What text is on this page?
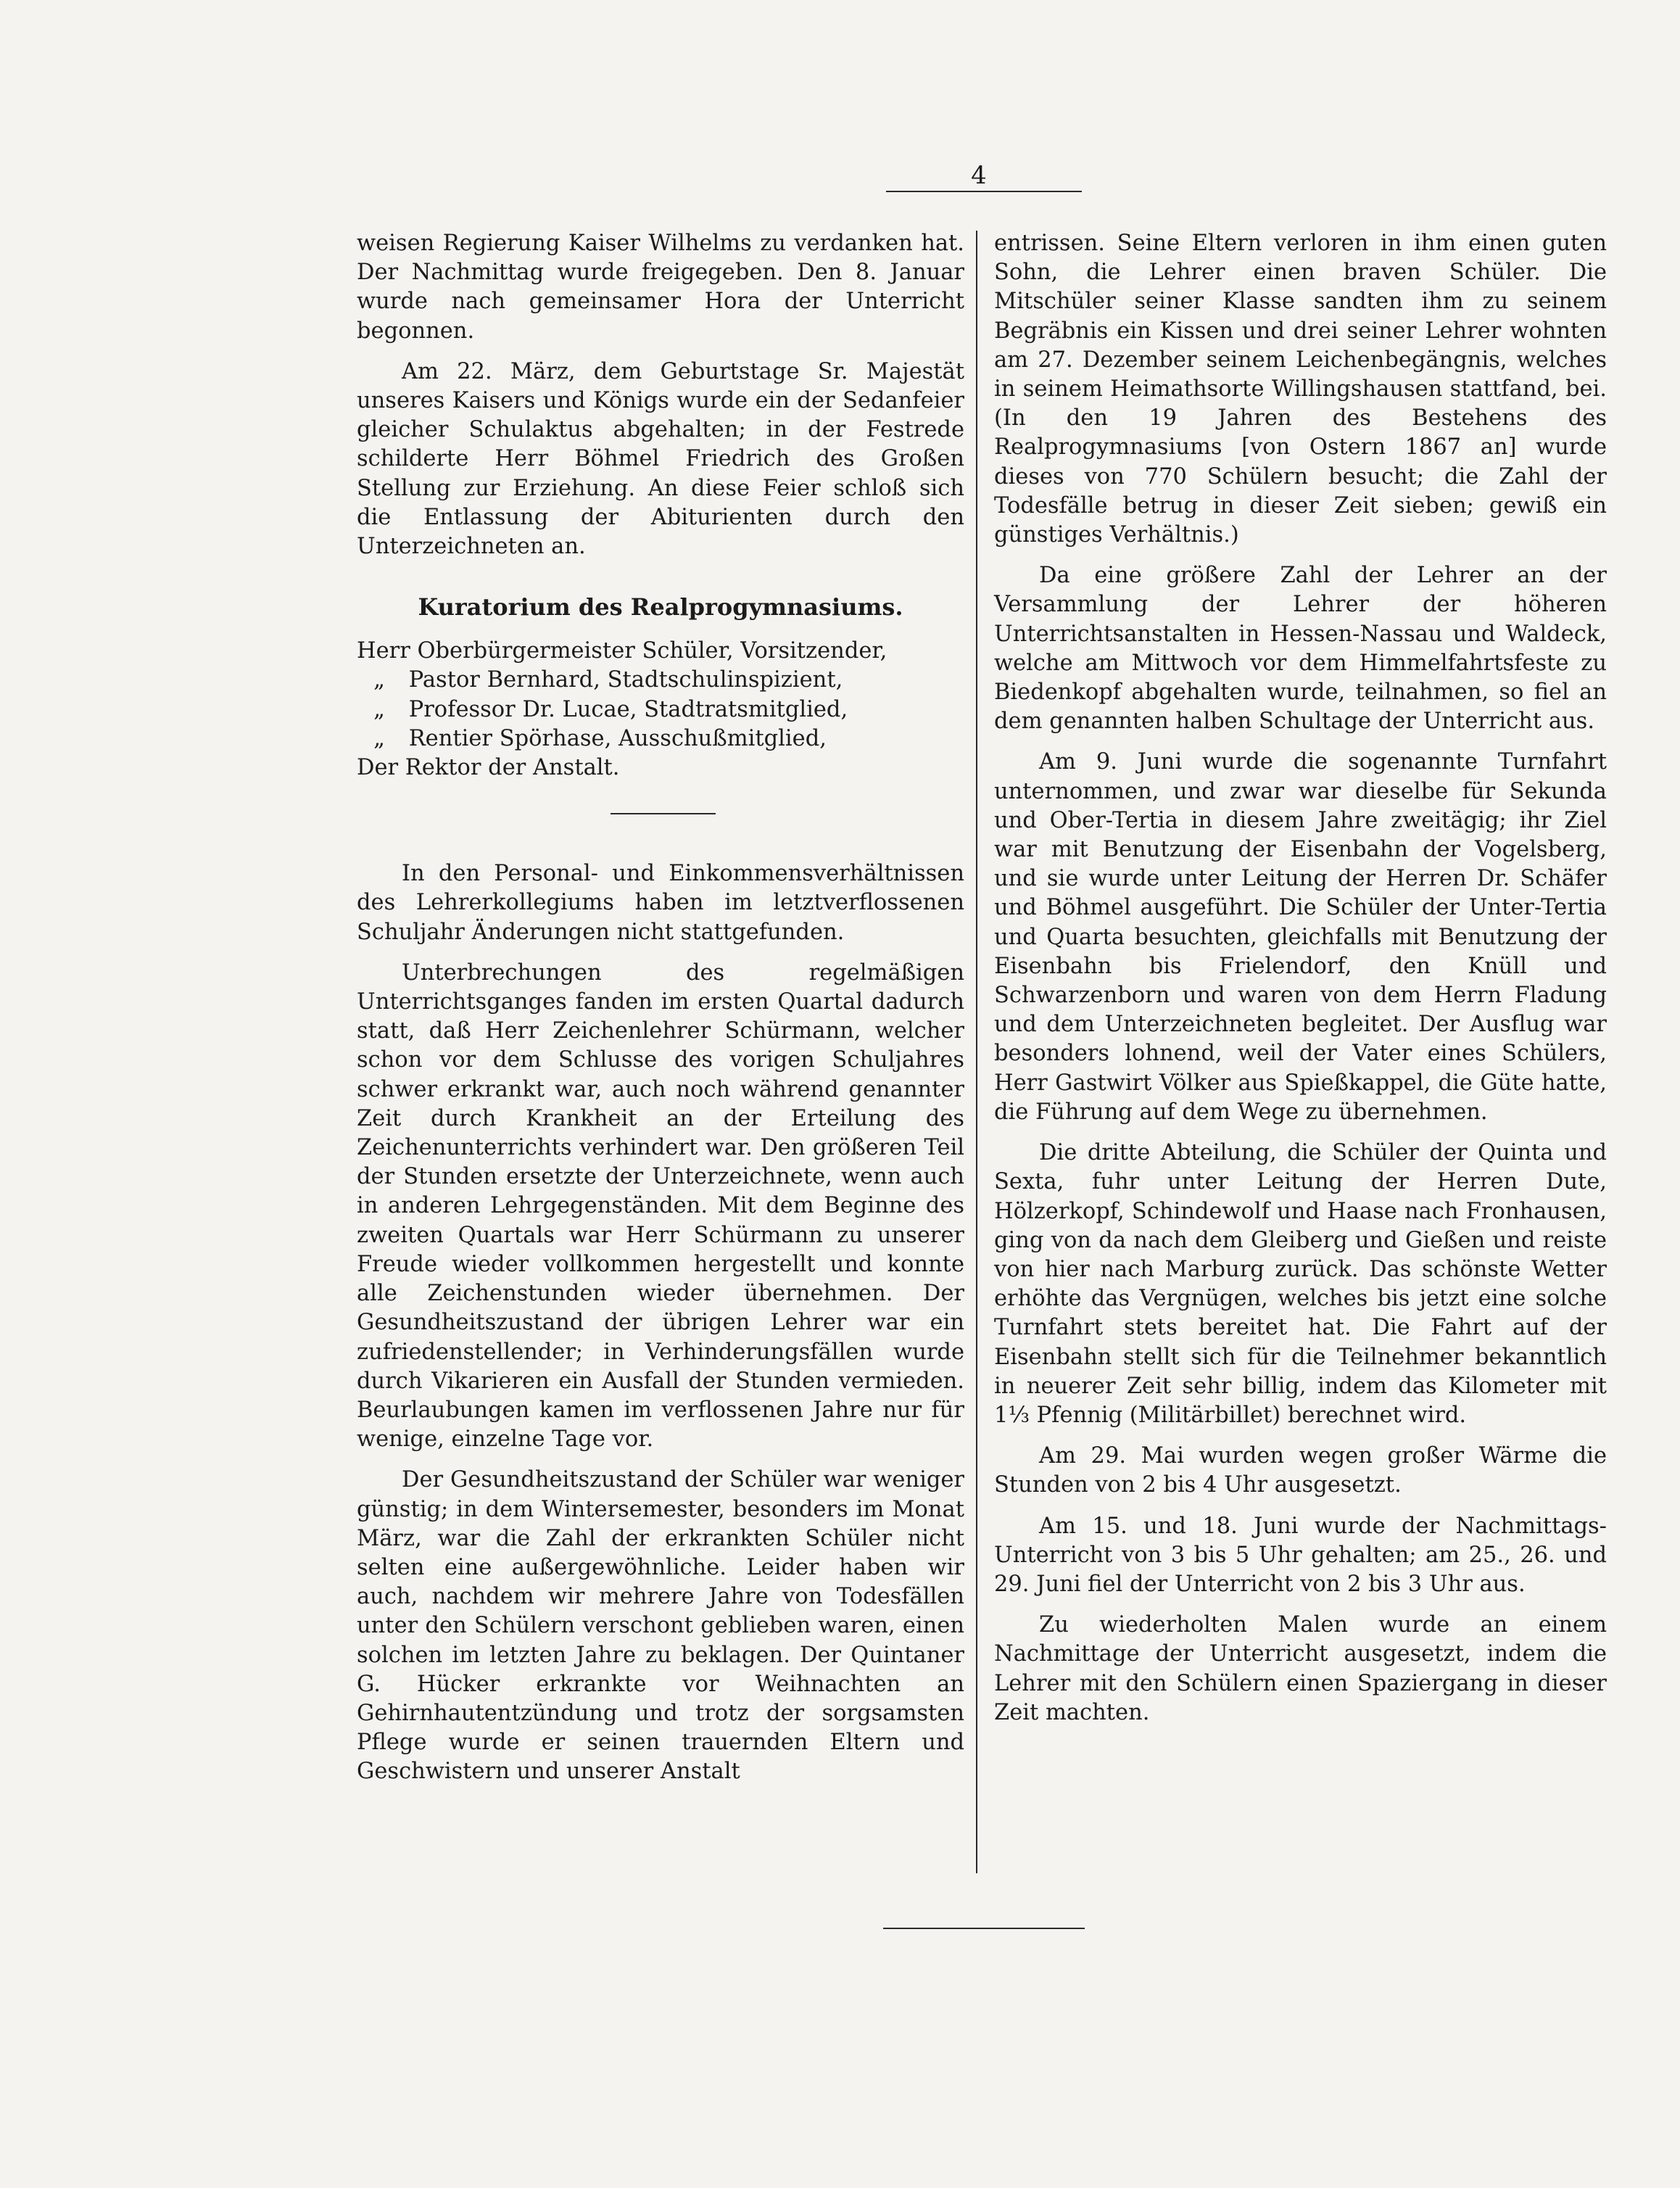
4

weisen Regierung Kaiser Wilhelms zu verdanken hat. Der Nachmittag wurde freigegeben. Den 8. Januar wurde nach gemeinsamer Hora der Unterricht begonnen.

Am 22. März, dem Geburtstage Sr. Majestät unseres Kaisers und Königs wurde ein der Sedanfeier gleicher Schulaktus abgehalten; in der Festrede schilderte Herr Böhmel Friedrich des Großen Stellung zur Erziehung. An diese Feier schloß sich die Entlassung der Abiturienten durch den Unterzeichneten an.

Kuratorium des Realprogymnasiums.
Herr Oberbürgermeister Schüler, Vorsitzender,
„ Pastor Bernhard, Stadtschulinspizient,
„ Professor Dr. Lucae, Stadtratsmitglied,
„ Rentier Spörhase, Ausschußmitglied,
Der Rektor der Anstalt.

In den Personal- und Einkommensverhältnissen des Lehrerkollegiums haben im letztverflossenen Schuljahr Änderungen nicht stattgefunden.

Unterbrechungen des regelmäßigen Unterrichtsganges fanden im ersten Quartal dadurch statt, daß Herr Zeichenlehrer Schürmann, welcher schon vor dem Schlusse des vorigen Schuljahres schwer erkrankt war, auch noch während genannter Zeit durch Krankheit an der Erteilung des Zeichenunterrichts verhindert war. Den größeren Teil der Stunden ersetzte der Unterzeichnete, wenn auch in anderen Lehrgegenständen. Mit dem Beginne des zweiten Quartals war Herr Schürmann zu unserer Freude wieder vollkommen hergestellt und konnte alle Zeichenstunden wieder übernehmen. Der Gesundheitszustand der übrigen Lehrer war ein zufriedenstellender; in Verhinderungsfällen wurde durch Vikarieren ein Ausfall der Stunden vermieden. Beurlaubungen kamen im verflossenen Jahre nur für wenige, einzelne Tage vor.

Der Gesundheitszustand der Schüler war weniger günstig; in dem Wintersemester, besonders im Monat März, war die Zahl der erkrankten Schüler nicht selten eine außergewöhnliche. Leider haben wir auch, nachdem wir mehrere Jahre von Todesfällen unter den Schülern verschont geblieben waren, einen solchen im letzten Jahre zu beklagen. Der Quintaner G. Hücker erkrankte vor Weihnachten an Gehirnhautentzündung und trotz der sorgsamsten Pflege wurde er seinen trauernden Eltern und Geschwistern und unserer Anstalt

entrissen. Seine Eltern verloren in ihm einen guten Sohn, die Lehrer einen braven Schüler. Die Mitschüler seiner Klasse sandten ihm zu seinem Begräbnis ein Kissen und drei seiner Lehrer wohnten am 27. Dezember seinem Leichenbegängnis, welches in seinem Heimathsorte Willingshausen stattfand, bei. (In den 19 Jahren des Bestehens des Realprogymnasiums [von Ostern 1867 an] wurde dieses von 770 Schülern besucht; die Zahl der Todesfälle betrug in dieser Zeit sieben; gewiß ein günstiges Verhältnis.)

Da eine größere Zahl der Lehrer an der Versammlung der Lehrer der höheren Unterrichtsanstalten in Hessen-Nassau und Waldeck, welche am Mittwoch vor dem Himmelfahrtsfeste zu Biedenkopf abgehalten wurde, teilnahmen, so fiel an dem genannten halben Schultage der Unterricht aus.

Am 9. Juni wurde die sogenannte Turnfahrt unternommen, und zwar war dieselbe für Sekunda und Ober-Tertia in diesem Jahre zweitägig; ihr Ziel war mit Benutzung der Eisenbahn der Vogelsberg, und sie wurde unter Leitung der Herren Dr. Schäfer und Böhmel ausgeführt. Die Schüler der Unter-Tertia und Quarta besuchten, gleichfalls mit Benutzung der Eisenbahn bis Frielendorf, den Knüll und Schwarzenborn und waren von dem Herrn Fladung und dem Unterzeichneten begleitet. Der Ausflug war besonders lohnend, weil der Vater eines Schülers, Herr Gastwirt Völker aus Spießkappel, die Güte hatte, die Führung auf dem Wege zu übernehmen.

Die dritte Abteilung, die Schüler der Quinta und Sexta, fuhr unter Leitung der Herren Dute, Hölzerkopf, Schindewolf und Haase nach Fronhausen, ging von da nach dem Gleiberg und Gießen und reiste von hier nach Marburg zurück. Das schönste Wetter erhöhte das Vergnügen, welches bis jetzt eine solche Turnfahrt stets bereitet hat. Die Fahrt auf der Eisenbahn stellt sich für die Teilnehmer bekanntlich in neuerer Zeit sehr billig, indem das Kilometer mit 1⅓ Pfennig (Militärbillet) berechnet wird.

Am 29. Mai wurden wegen großer Wärme die Stunden von 2 bis 4 Uhr ausgesetzt.

Am 15. und 18. Juni wurde der Nachmittags-Unterricht von 3 bis 5 Uhr gehalten; am 25., 26. und 29. Juni fiel der Unterricht von 2 bis 3 Uhr aus.

Zu wiederholten Malen wurde an einem Nachmittage der Unterricht ausgesetzt, indem die Lehrer mit den Schülern einen Spaziergang in dieser Zeit machten.
